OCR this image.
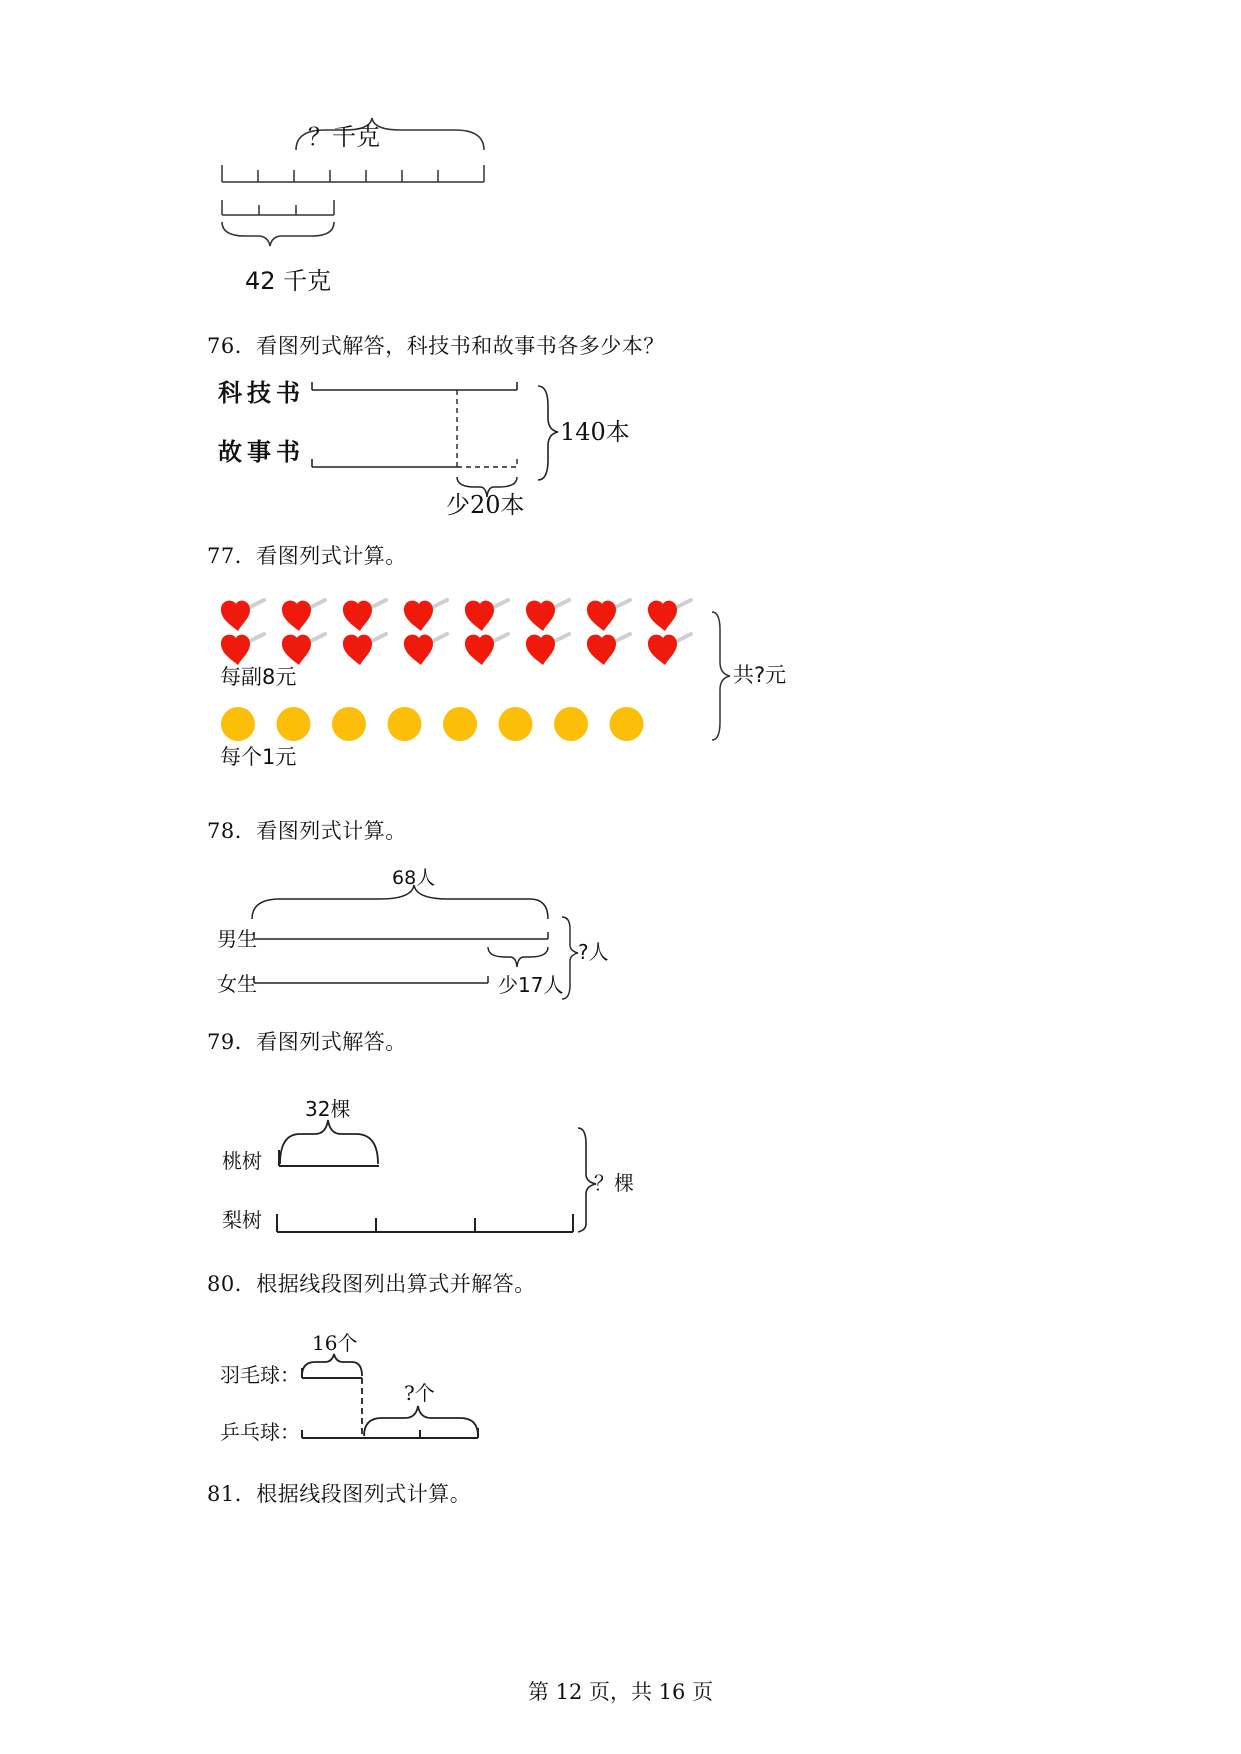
？千克
42 千克
76．看图列式解答，科技书和故事书各多少本？
科技书
故事书
140本
少20本
77．看图列式计算。
每副8元
每个1元
共?元
78．看图列式计算。
68人
男生
女生
?人
少17人
79．看图列式解答。
32棵
桃树
梨树
？棵
80．根据线段图列出算式并解答。
16个
羽毛球：
乒乓球：
?个
81．根据线段图列式计算。
第 12 页，共 16 页
